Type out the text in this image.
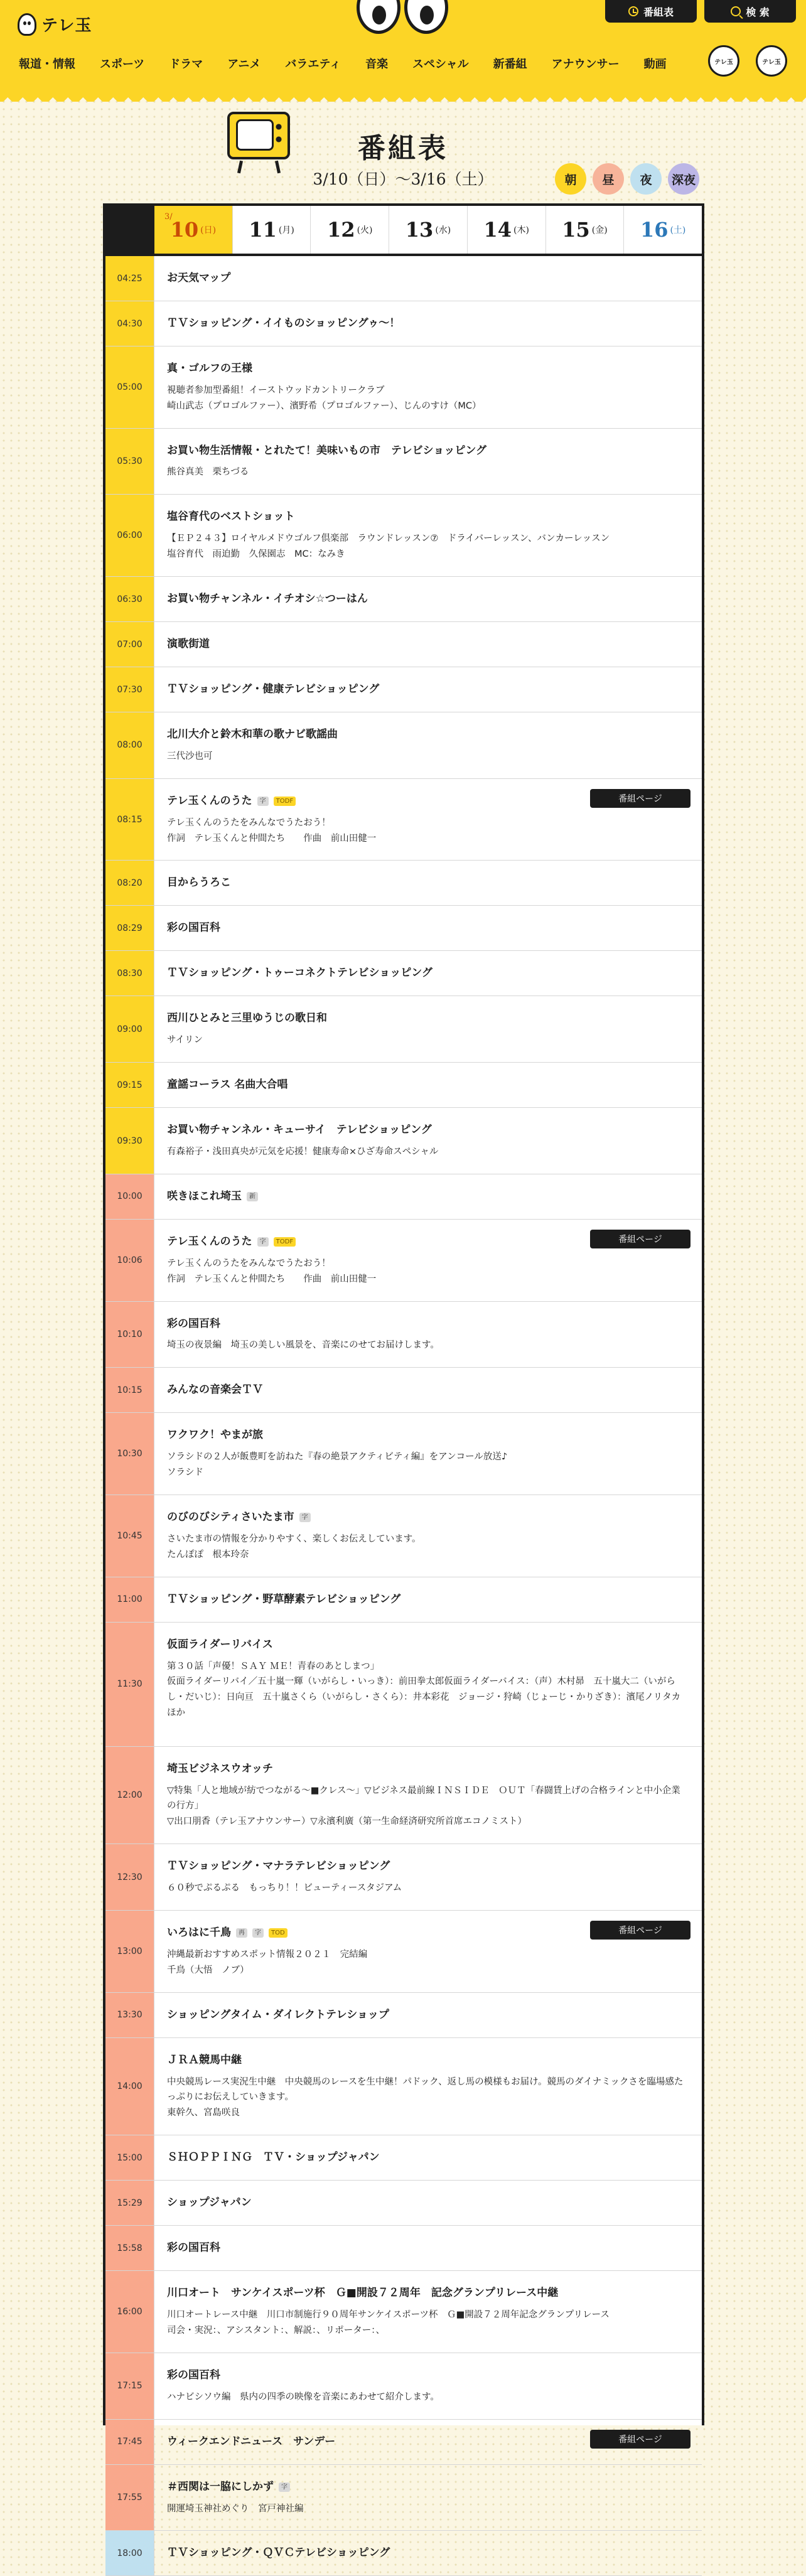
テレ玉
番組表	検 索
報道・情報 スポーツ ドラマ アニメ バラエティ 音楽 スペシャル 新番組 アナウンサー 動画	テレ玉	テレ玉
番組表
3/10（日）〜3/16（土）	朝	昼	夜	深夜
3/
10 (日) 11 (月) 12 (火) 13 (水) 14 (木) 15 (金) 16 (土)
04:25	お天気マップ
04:30	ＴＶショッピング・イイものショッピングゥ〜！
05:00
真・ゴルフの王様
視聴者参加型番組！イーストウッドカントリークラブ
崎山武志（プロゴルファー）、濱野希（プロゴルファー）、じんのすけ（MC）
05:30
お買い物生活情報・とれたて！美味いもの市　テレビショッピング
熊谷真美　栗ちづる
06:00
塩谷育代のベストショット
【ＥＰ２４３】ロイヤルメドウゴルフ倶楽部　ラウンドレッスン⑦　ドライバーレッスン、バンカーレッスン
塩谷育代　雨迫勤　久保園志　MC：なみき
06:30	お買い物チャンネル・イチオシ☆つーはん
07:00	演歌街道
07:30	ＴＶショッピング・健康テレビショッピング
08:00
北川大介と鈴木和華の歌ナビ歌謡曲
三代沙也可
08:15
テレ玉くんのうた	字	TODF
テレ玉くんのうたをみんなでうたおう！
作詞　テレ玉くんと仲間たち　　作曲　前山田健一
番組ページ
08:20	目からうろこ
08:29	彩の国百科
08:30	ＴＶショッピング・トゥーコネクトテレビショッピング
09:00
西川ひとみと三里ゆうじの歌日和
サイリン
09:15	童謡コーラス 名曲大合唱
09:30
お買い物チャンネル・キューサイ　テレビショッピング
有森裕子・浅田真央が元気を応援！健康寿命×ひざ寿命スペシャル
10:00	咲きほこれ埼玉	新
10:06
テレ玉くんのうた	字	TODF
テレ玉くんのうたをみんなでうたおう！
作詞　テレ玉くんと仲間たち　　作曲　前山田健一
番組ページ
10:10
彩の国百科
埼玉の夜景編　埼玉の美しい風景を、音楽にのせてお届けします。
10:15	みんなの音楽会ＴＶ
10:30
ワクワク！やまが旅
ソラシドの２人が飯豊町を訪ねた『春の絶景アクティビティ編』をアンコール放送♪
ソラシド
10:45
のびのびシティさいたま市	字
さいたま市の情報を分かりやすく、楽しくお伝えしています。
たんぽぽ　根本玲奈
11:00	ＴＶショッピング・野草酵素テレビショッピング
11:30
仮面ライダーリバイス
第３０話「声優！ＳＡＹ ＭＥ！青春のあとしまつ」
仮面ライダーリバイ／五十嵐一輝（いがらし・いっき）：前田拳太郎仮面ライダーバイス：（声）木村昴　五十嵐大二（いがらし・だいじ）：日向亘　五十嵐さくら（いがらし・さくら）：井本彩花　ジョージ・狩崎（じょーじ・かりざき）：濱尾ノリタカ　ほか
12:00
埼玉ビジネスウオッチ
▽特集「人と地域が紡でつながる〜■クレス〜」▽ビジネス最前線ＩＮＳＩＤＥ　ＯＵＴ「春闘賃上げの合格ラインと中小企業の行方」
▽出口朋香（テレ玉アナウンサー）▽永濱利廣（第一生命経済研究所首席エコノミスト）
12:30
ＴＶショッピング・マナラテレビショッピング
６０秒でぷるぷる　もっちり！！ビューティースタジアム
13:00
いろはに千鳥	再	字	TOD
沖縄最新おすすめスポット情報２０２１　完結編
千鳥（大悟　ノブ）
番組ページ
13:30	ショッピングタイム・ダイレクトテレショップ
14:00
ＪＲＡ競馬中継
中央競馬レース実況生中継　中央競馬のレースを生中継！パドック、返し馬の模様もお届け。競馬のダイナミックさを臨場感たっぷりにお伝えしていきます。
東幹久、宮島咲良
15:00	ＳＨＯＰＰＩＮＧ　ＴＶ・ショップジャパン
15:29	ショップジャパン
15:58	彩の国百科
16:00
川口オート　サンケイスポーツ杯　Ｇ■開設７２周年　記念グランプリレース中継
川口オートレース中継　川口市制施行９０周年サンケイスポーツ杯　Ｇ■開設７２周年記念グランプリレース
司会・実況：、アシスタント：、解説：、リポーター：、
17:15
彩の国百科
ハナビシソウ編　県内の四季の映像を音楽にあわせて紹介します。
17:45	ウィークエンドニュース　サンデー	番組ページ
17:55
＃西関は一脇にしかず	字
開運埼玉神社めぐり　宮戸神社編
18:00	ＴＶショッピング・ＱＶＣテレビショッピング
